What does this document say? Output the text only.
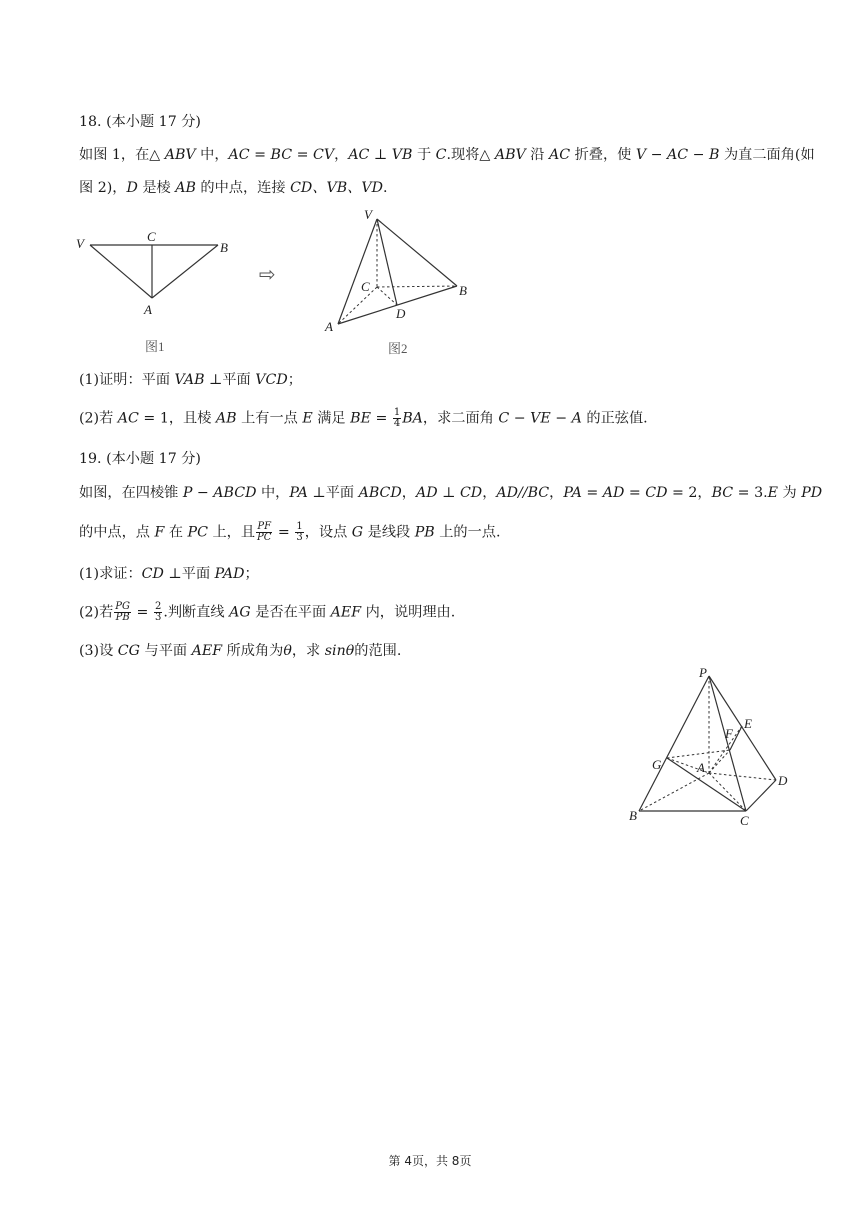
18. (本小题 17 分)
如图 1，在△ ABV 中，AC = BC = CV，AC ⊥ VB 于 C.现将△ ABV 沿 AC 折叠，使 V − AC − B 为直二面角(如
图 2)，D 是棱 AB 的中点，连接 CD、VB、VD.
V	C
B
A
图1
⇨
V
C	B
D
A
图2
(1)证明：平面 VAB ⊥平面 VCD；
(2)若 AC = 1，且棱 AB 上有一点 E 满足 BE = $\frac{1}{4}$ BA，求二面角 C − VE − A 的正弦值.
19. (本小题 17 分)
如图，在四棱锥 P − ABCD 中，PA ⊥平面 ABCD，AD ⊥ CD，AD//BC，PA = AD = CD = 2，BC = 3.E 为 PD
的中点，点 F 在 PC 上，且 $\frac{PF}{PC} = \frac{1}{3}$ ，设点 G 是线段 PB 上的一点.
(1)求证：CD ⊥平面 PAD；
(2)若 $\frac{PG}{PB} = \frac{2}{3}$ .判断直线 AG 是否在平面 AEF 内，说明理由.
(3)设 CG 与平面 AEF 所成角为θ，求 sinθ的范围.
P
E
F
G	A
D
B	C
第 4页，共 8页
